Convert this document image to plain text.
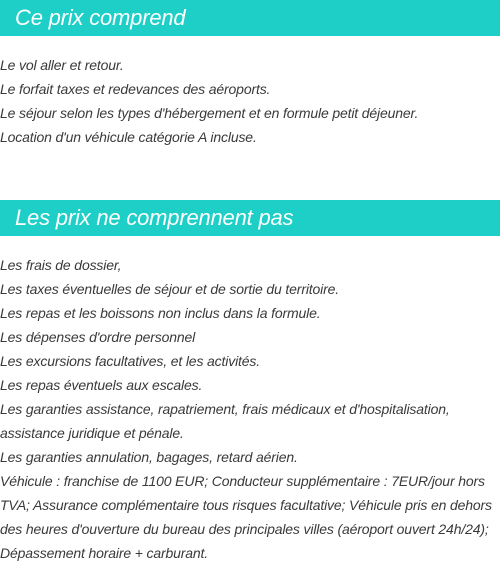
Ce prix comprend
Le vol aller et retour.
Le forfait taxes et redevances des aéroports.
Le séjour selon les types d'hébergement et en formule petit déjeuner.
Location d'un véhicule catégorie A incluse.
Les prix ne comprennent pas
Les frais de dossier,
Les taxes éventuelles de séjour et de sortie du territoire.
Les repas et les boissons non inclus dans la formule.
Les dépenses d'ordre personnel
Les excursions facultatives, et les activités.
Les repas éventuels aux escales.
Les garanties assistance, rapatriement, frais médicaux et d'hospitalisation, assistance juridique et pénale.
Les garanties annulation, bagages, retard aérien.
Véhicule : franchise de 1100 EUR; Conducteur supplémentaire : 7EUR/jour hors TVA; Assurance complémentaire tous risques facultative; Véhicule pris en dehors des heures d'ouverture du bureau des principales villes (aéroport ouvert 24h/24); Dépassement horaire + carburant.
